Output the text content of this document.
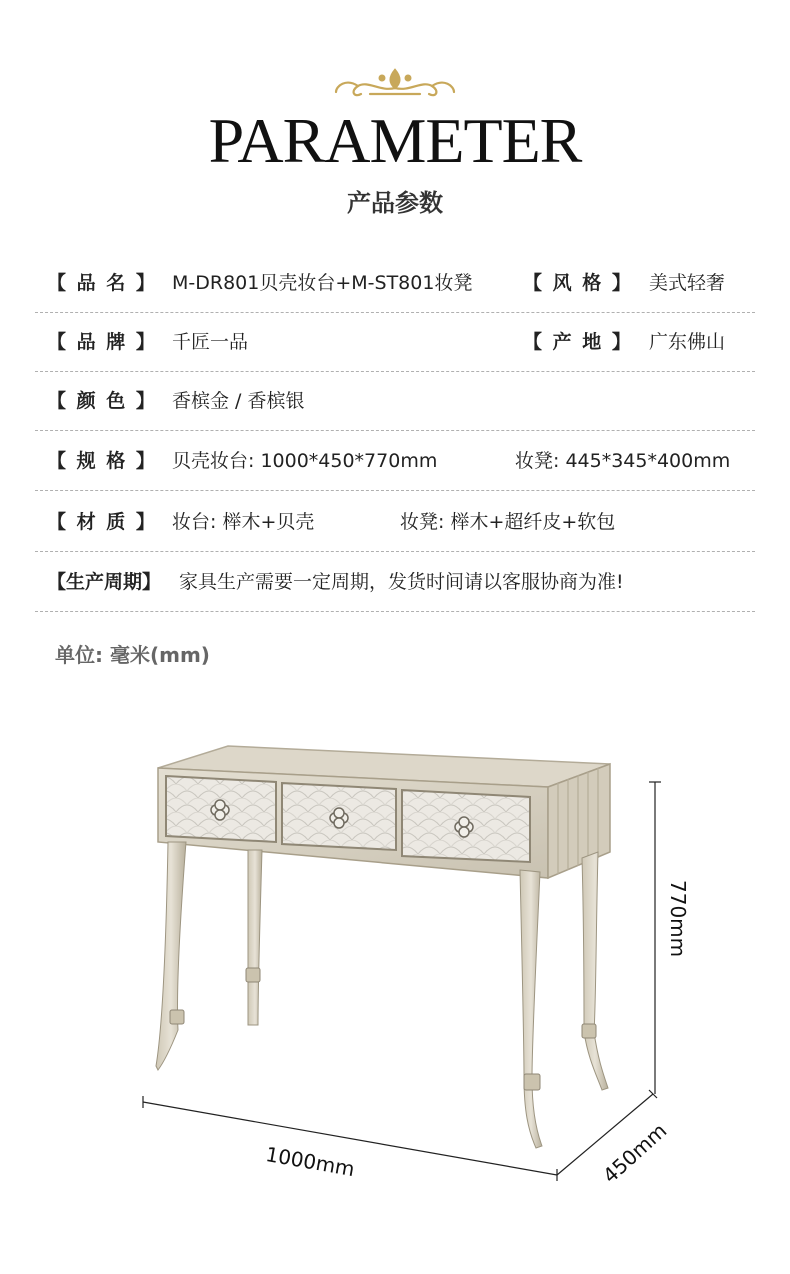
PARAMETER
产品参数
【 品 名 】 M-DR801贝壳妆台+M-ST801妆凳	【 风 格 】 美式轻奢
【 品 牌 】 千匠一品	【 产 地 】 广东佛山
【 颜 色 】 香槟金 / 香槟银
【 规 格 】 贝壳妆台: 1000*450*770mm	妆凳: 445*345*400mm
【 材 质 】 妆台: 榉木+贝壳	妆凳: 榉木+超纤皮+软包
【生产周期】 家具生产需要一定周期，发货时间请以客服协商为准!
单位: 毫米(mm)
1000mm	450mm
770mm
